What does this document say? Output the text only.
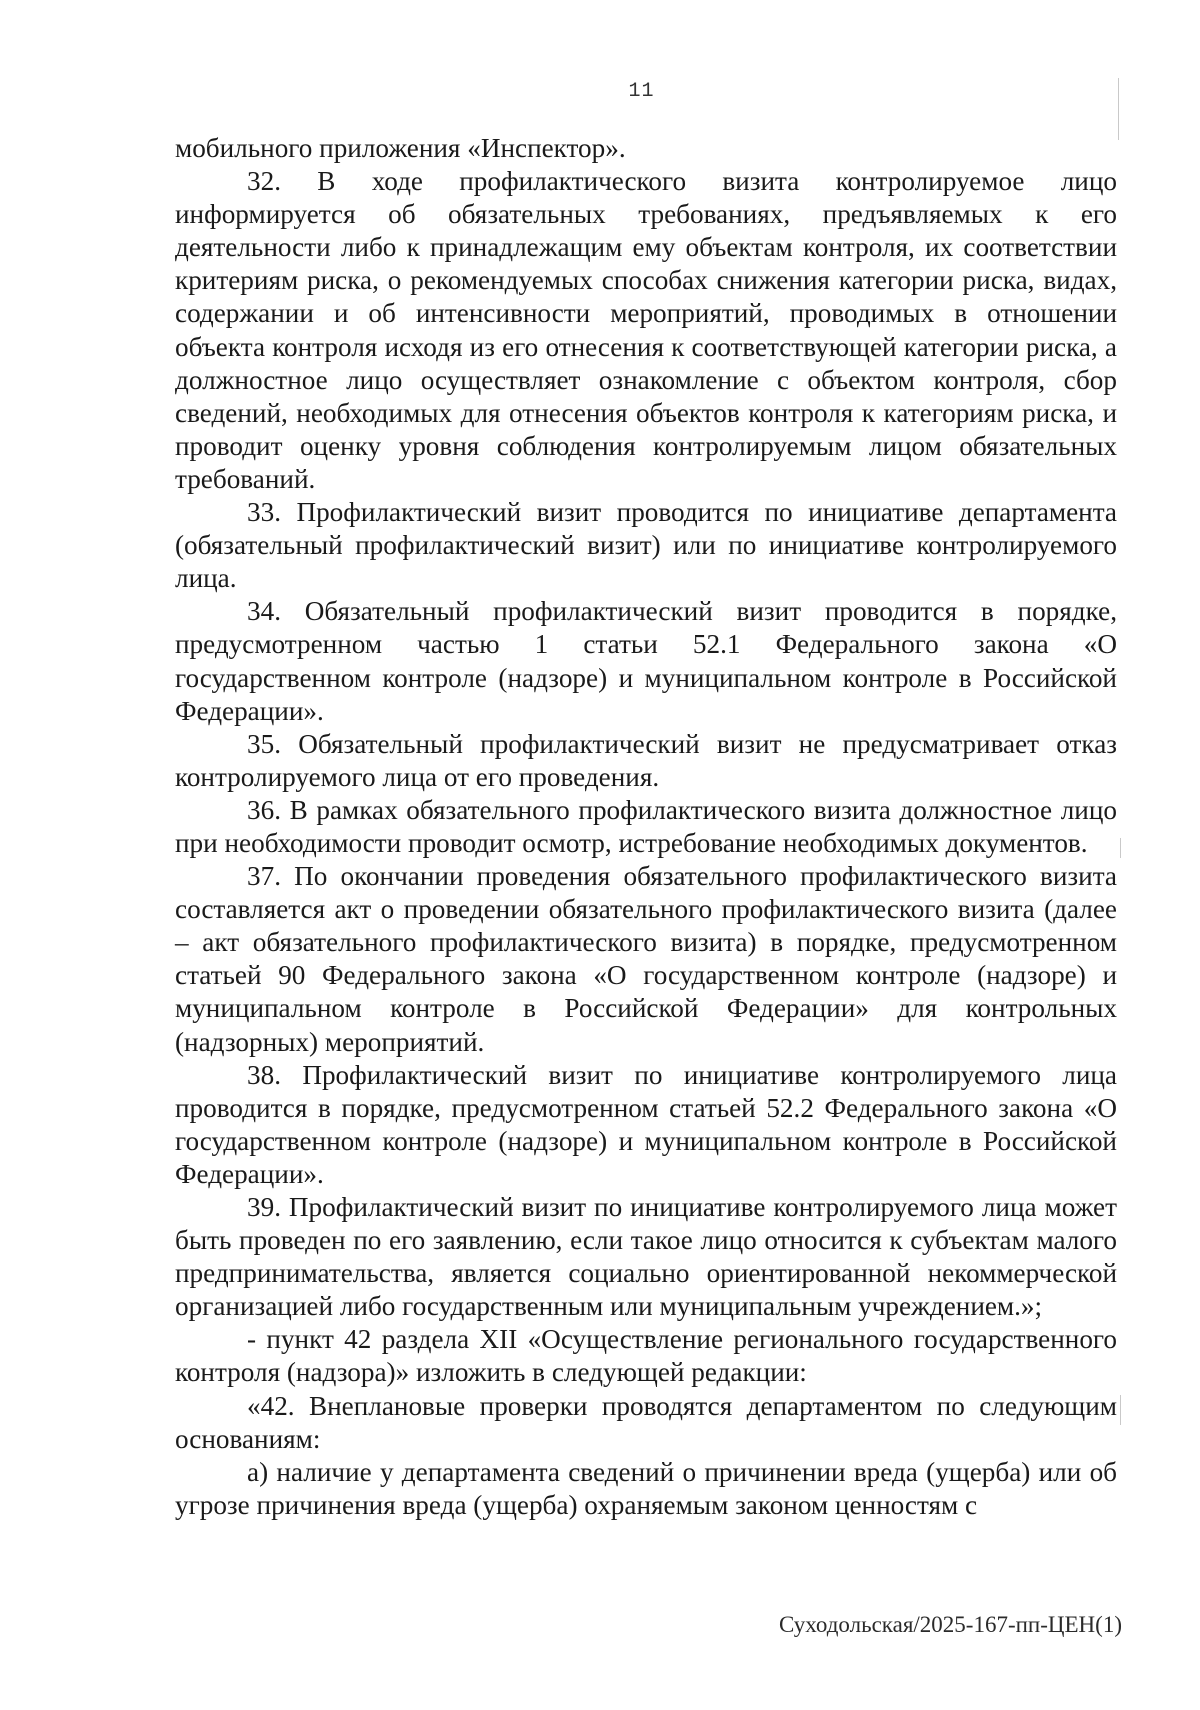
11

мобильного приложения «Инспектор».

32. В ходе профилактического визита контролируемое лицо информируется об обязательных требованиях, предъявляемых к его деятельности либо к принадлежащим ему объектам контроля, их соответствии критериям риска, о рекомендуемых способах снижения категории риска, видах, содержании и об интенсивности мероприятий, проводимых в отношении объекта контроля исходя из его отнесения к соответствующей категории риска, а должностное лицо осуществляет ознакомление с объектом контроля, сбор сведений, необходимых для отнесения объектов контроля к категориям риска, и проводит оценку уровня соблюдения контролируемым лицом обязательных требований.

33. Профилактический визит проводится по инициативе департамента (обязательный профилактический визит) или по инициативе контролируемого лица.

34. Обязательный профилактический визит проводится в порядке, предусмотренном частью 1 статьи 52.1 Федерального закона «О государственном контроле (надзоре) и муниципальном контроле в Российской Федерации».

35. Обязательный профилактический визит не предусматривает отказ контролируемого лица от его проведения.

36. В рамках обязательного профилактического визита должностное лицо при необходимости проводит осмотр, истребование необходимых документов.

37. По окончании проведения обязательного профилактического визита составляется акт о проведении обязательного профилактического визита (далее – акт обязательного профилактического визита) в порядке, предусмотренном статьей 90 Федерального закона «О государственном контроле (надзоре) и муниципальном контроле в Российской Федерации» для контрольных (надзорных) мероприятий.

38. Профилактический визит по инициативе контролируемого лица проводится в порядке, предусмотренном статьей 52.2 Федерального закона «О государственном контроле (надзоре) и муниципальном контроле в Российской Федерации».

39. Профилактический визит по инициативе контролируемого лица может быть проведен по его заявлению, если такое лицо относится к субъектам малого предпринимательства, является социально ориентированной некоммерческой организацией либо государственным или муниципальным учреждением.»;

- пункт 42 раздела XII «Осуществление регионального государственного контроля (надзора)» изложить в следующей редакции:

«42. Внеплановые проверки проводятся департаментом по следующим основаниям:

а) наличие у департамента сведений о причинении вреда (ущерба) или об угрозе причинения вреда (ущерба) охраняемым законом ценностям с

Суходольская/2025-167-пп-ЦЕН(1)
